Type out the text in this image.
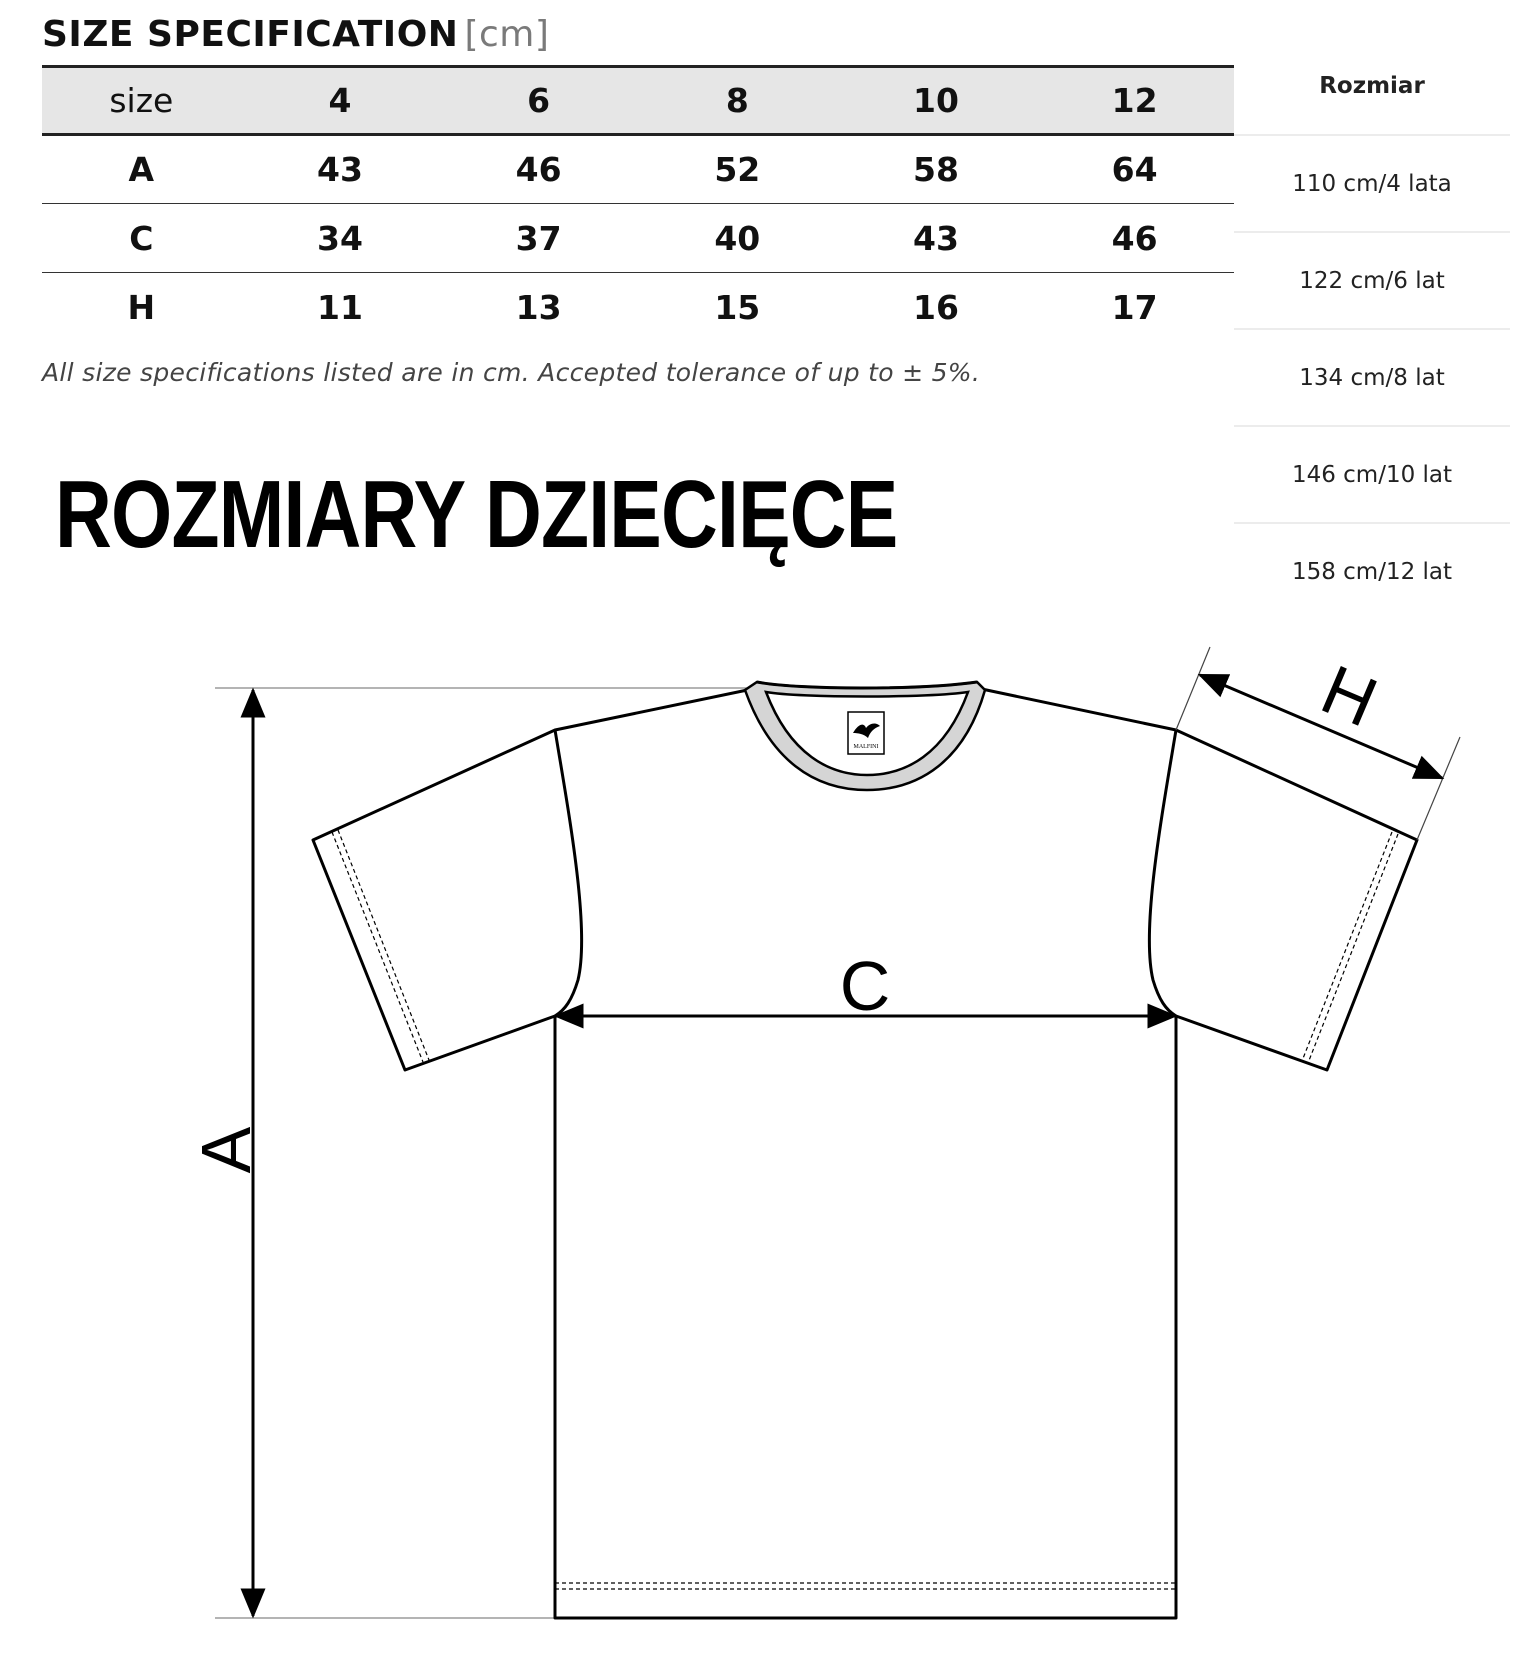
SIZE SPECIFICATION [cm]
size	4	6	8	10	12
A	43	46	52	58	64
C	34	37	40	43	46
H	11	13	15	16	17
All size specifications listed are in cm. Accepted tolerance of up to ± 5%.
Rozmiar
110 cm/4 lata
122 cm/6 lat
134 cm/8 lat
146 cm/10 lat
158 cm/12 lat
ROZMIARY DZIECIĘCE
MALFINI
A
C
H
